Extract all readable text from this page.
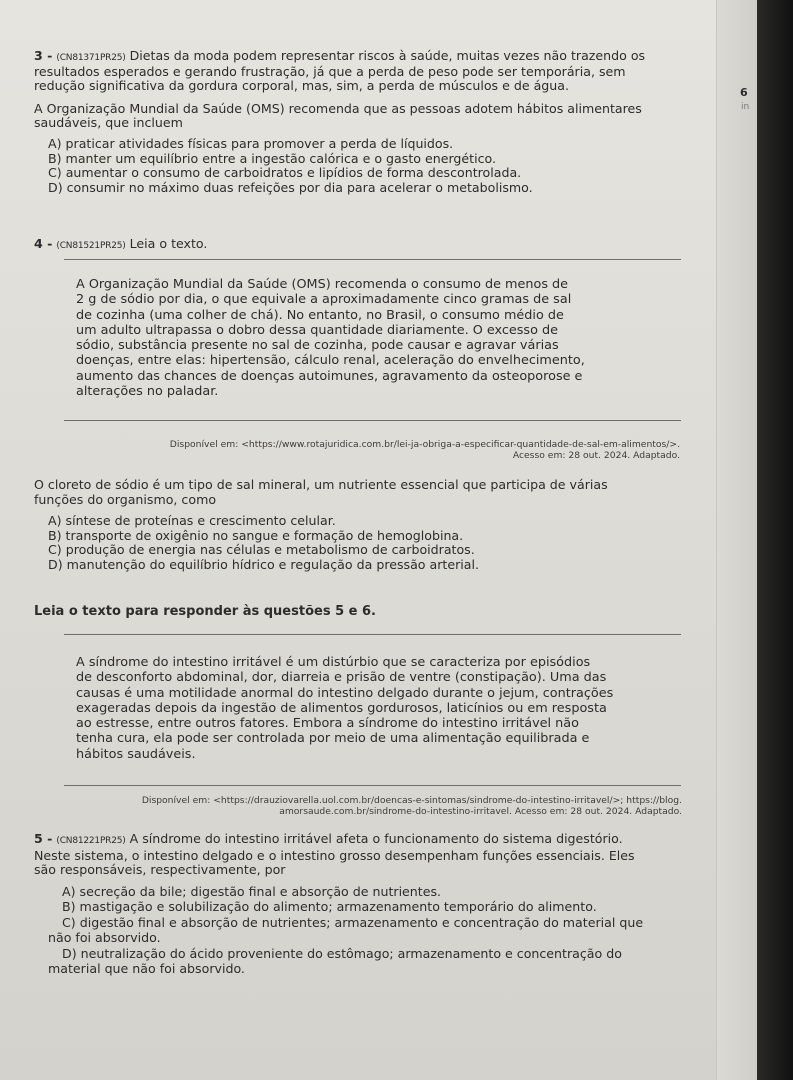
6
in

3 - (CN81371PR25) Dietas da moda podem representar riscos à saúde, muitas vezes não trazendo os

resultados esperados e gerando frustração, já que a perda de peso pode ser temporária, sem

redução significativa da gordura corporal, mas, sim, a perda de músculos e de água.

A Organização Mundial da Saúde (OMS) recomenda que as pessoas adotem hábitos alimentares

saudáveis, que incluem

A) praticar atividades físicas para promover a perda de líquidos.

B) manter um equilíbrio entre a ingestão calórica e o gasto energético.

C) aumentar o consumo de carboidratos e lipídios de forma descontrolada.

D) consumir no máximo duas refeições por dia para acelerar o metabolismo.

4 - (CN81521PR25) Leia o texto.

A Organização Mundial da Saúde (OMS) recomenda o consumo de menos de

2 g de sódio por dia, o que equivale a aproximadamente cinco gramas de sal

de cozinha (uma colher de chá). No entanto, no Brasil, o consumo médio de

um adulto ultrapassa o dobro dessa quantidade diariamente. O excesso de

sódio, substância presente no sal de cozinha, pode causar e agravar várias

doenças, entre elas: hipertensão, cálculo renal, aceleração do envelhecimento,

aumento das chances de doenças autoimunes, agravamento da osteoporose e

alterações no paladar.

Disponível em: <https://www.rotajuridica.com.br/lei-ja-obriga-a-especificar-quantidade-de-sal-em-alimentos/>.

Acesso em: 28 out. 2024. Adaptado.

O cloreto de sódio é um tipo de sal mineral, um nutriente essencial que participa de várias

funções do organismo, como

A) síntese de proteínas e crescimento celular.

B) transporte de oxigênio no sangue e formação de hemoglobina.

C) produção de energia nas células e metabolismo de carboidratos.

D) manutenção do equilíbrio hídrico e regulação da pressão arterial.

Leia o texto para responder às questões 5 e 6.

A síndrome do intestino irritável é um distúrbio que se caracteriza por episódios

de desconforto abdominal, dor, diarreia e prisão de ventre (constipação). Uma das

causas é uma motilidade anormal do intestino delgado durante o jejum, contrações

exageradas depois da ingestão de alimentos gordurosos, laticínios ou em resposta

ao estresse, entre outros fatores. Embora a síndrome do intestino irritável não

tenha cura, ela pode ser controlada por meio de uma alimentação equilibrada e

hábitos saudáveis.

Disponível em: <https://drauziovarella.uol.com.br/doencas-e-sintomas/sindrome-do-intestino-irritavel/>; https://blog.

amorsaude.com.br/sindrome-do-intestino-irritavel. Acesso em: 28 out. 2024. Adaptado.

5 - (CN81221PR25) A síndrome do intestino irritável afeta o funcionamento do sistema digestório.

Neste sistema, o intestino delgado e o intestino grosso desempenham funções essenciais. Eles

são responsáveis, respectivamente, por

A) secreção da bile; digestão final e absorção de nutrientes.

B) mastigação e solubilização do alimento; armazenamento temporário do alimento.

C) digestão final e absorção de nutrientes; armazenamento e concentração do material que

não foi absorvido.

D) neutralização do ácido proveniente do estômago; armazenamento e concentração do

material que não foi absorvido.
